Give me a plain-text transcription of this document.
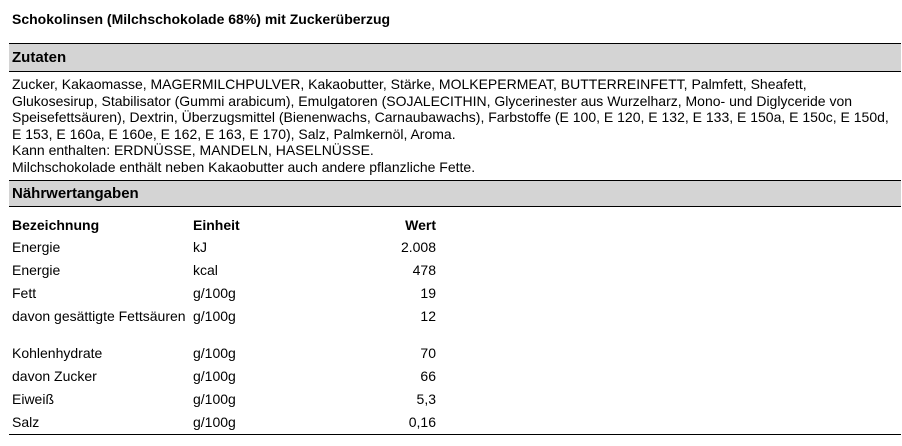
Schokolinsen (Milchschokolade 68%) mit Zuckerüberzug
Zutaten

Zucker, Kakaomasse, MAGERMILCHPULVER, Kakaobutter, Stärke, MOLKEPERMEAT, BUTTERREINFETT, Palmfett, Sheafett, Glukosesirup, Stabilisator (Gummi arabicum), Emulgatoren (SOJALECITHIN, Glycerinester aus Wurzelharz, Mono- und Diglyceride von Speisefettsäuren), Dextrin, Überzugsmittel (Bienenwachs, Carnaubawachs), Farbstoffe (E 100, E 120, E 132, E 133, E 150a, E 150c, E 150d, E 153, E 160a, E 160e, E 162, E 163, E 170), Salz, Palmkernöl, Aroma.

Kann enthalten: ERDNÜSSE, MANDELN, HASELNÜSSE.

Milchschokolade enthält neben Kakaobutter auch andere pflanzliche Fette.

Nährwertangaben
Bezeichnung	Einheit	Wert
Energie	kJ	2.008
Energie	kcal	478
Fett	g/100g	19
davon gesättigte Fettsäuren	g/100g	12
Kohlenhydrate	g/100g	70
davon Zucker	g/100g	66
Eiweiß	g/100g	5,3
Salz	g/100g	0,16
